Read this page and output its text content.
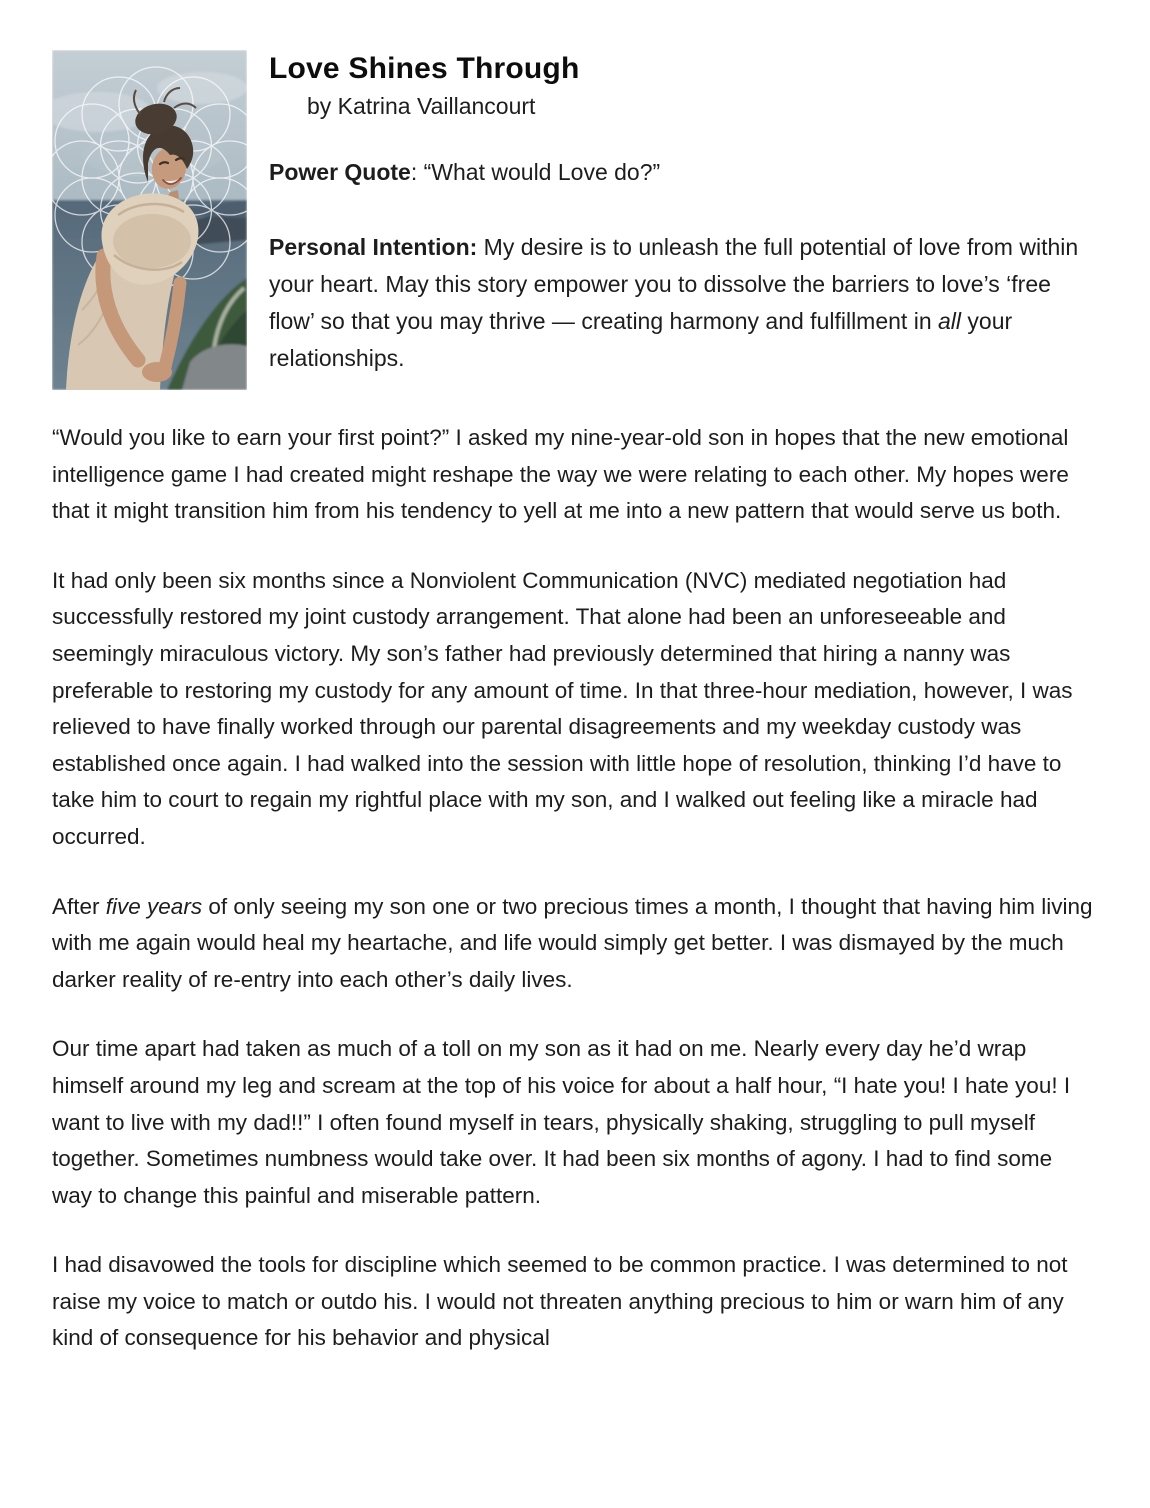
Love Shines Through
by Katrina Vaillancourt
Power Quote: “What would Love do?”
Personal Intention: My desire is to unleash the full potential of love from within your heart. May this story empower you to dissolve the barriers to love’s ‘free flow’ so that you may thrive — creating harmony and fulfillment in all your relationships.

“Would you like to earn your first point?” I asked my nine-year-old son in hopes that the new emotional intelligence game I had created might reshape the way we were relating to each other. My hopes were that it might transition him from his tendency to yell at me into a new pattern that would serve us both.

It had only been six months since a Nonviolent Communication (NVC) mediated negotiation had successfully restored my joint custody arrangement. That alone had been an unforeseeable and seemingly miraculous victory. My son’s father had previously determined that hiring a nanny was preferable to restoring my custody for any amount of time. In that three-hour mediation, however, I was relieved to have finally worked through our parental disagreements and my weekday custody was established once again. I had walked into the session with little hope of resolution, thinking I’d have to take him to court to regain my rightful place with my son, and I walked out feeling like a miracle had occurred.

After five years of only seeing my son one or two precious times a month, I thought that having him living with me again would heal my heartache, and life would simply get better. I was dismayed by the much darker reality of re-entry into each other’s daily lives.

Our time apart had taken as much of a toll on my son as it had on me. Nearly every day he’d wrap himself around my leg and scream at the top of his voice for about a half hour, “I hate you! I hate you! I want to live with my dad!!” I often found myself in tears, physically shaking, struggling to pull myself together. Sometimes numbness would take over. It had been six months of agony. I had to find some way to change this painful and miserable pattern.

I had disavowed the tools for discipline which seemed to be common practice. I was determined to not raise my voice to match or outdo his. I would not threaten anything precious to him or warn him of any kind of consequence for his behavior and physical
